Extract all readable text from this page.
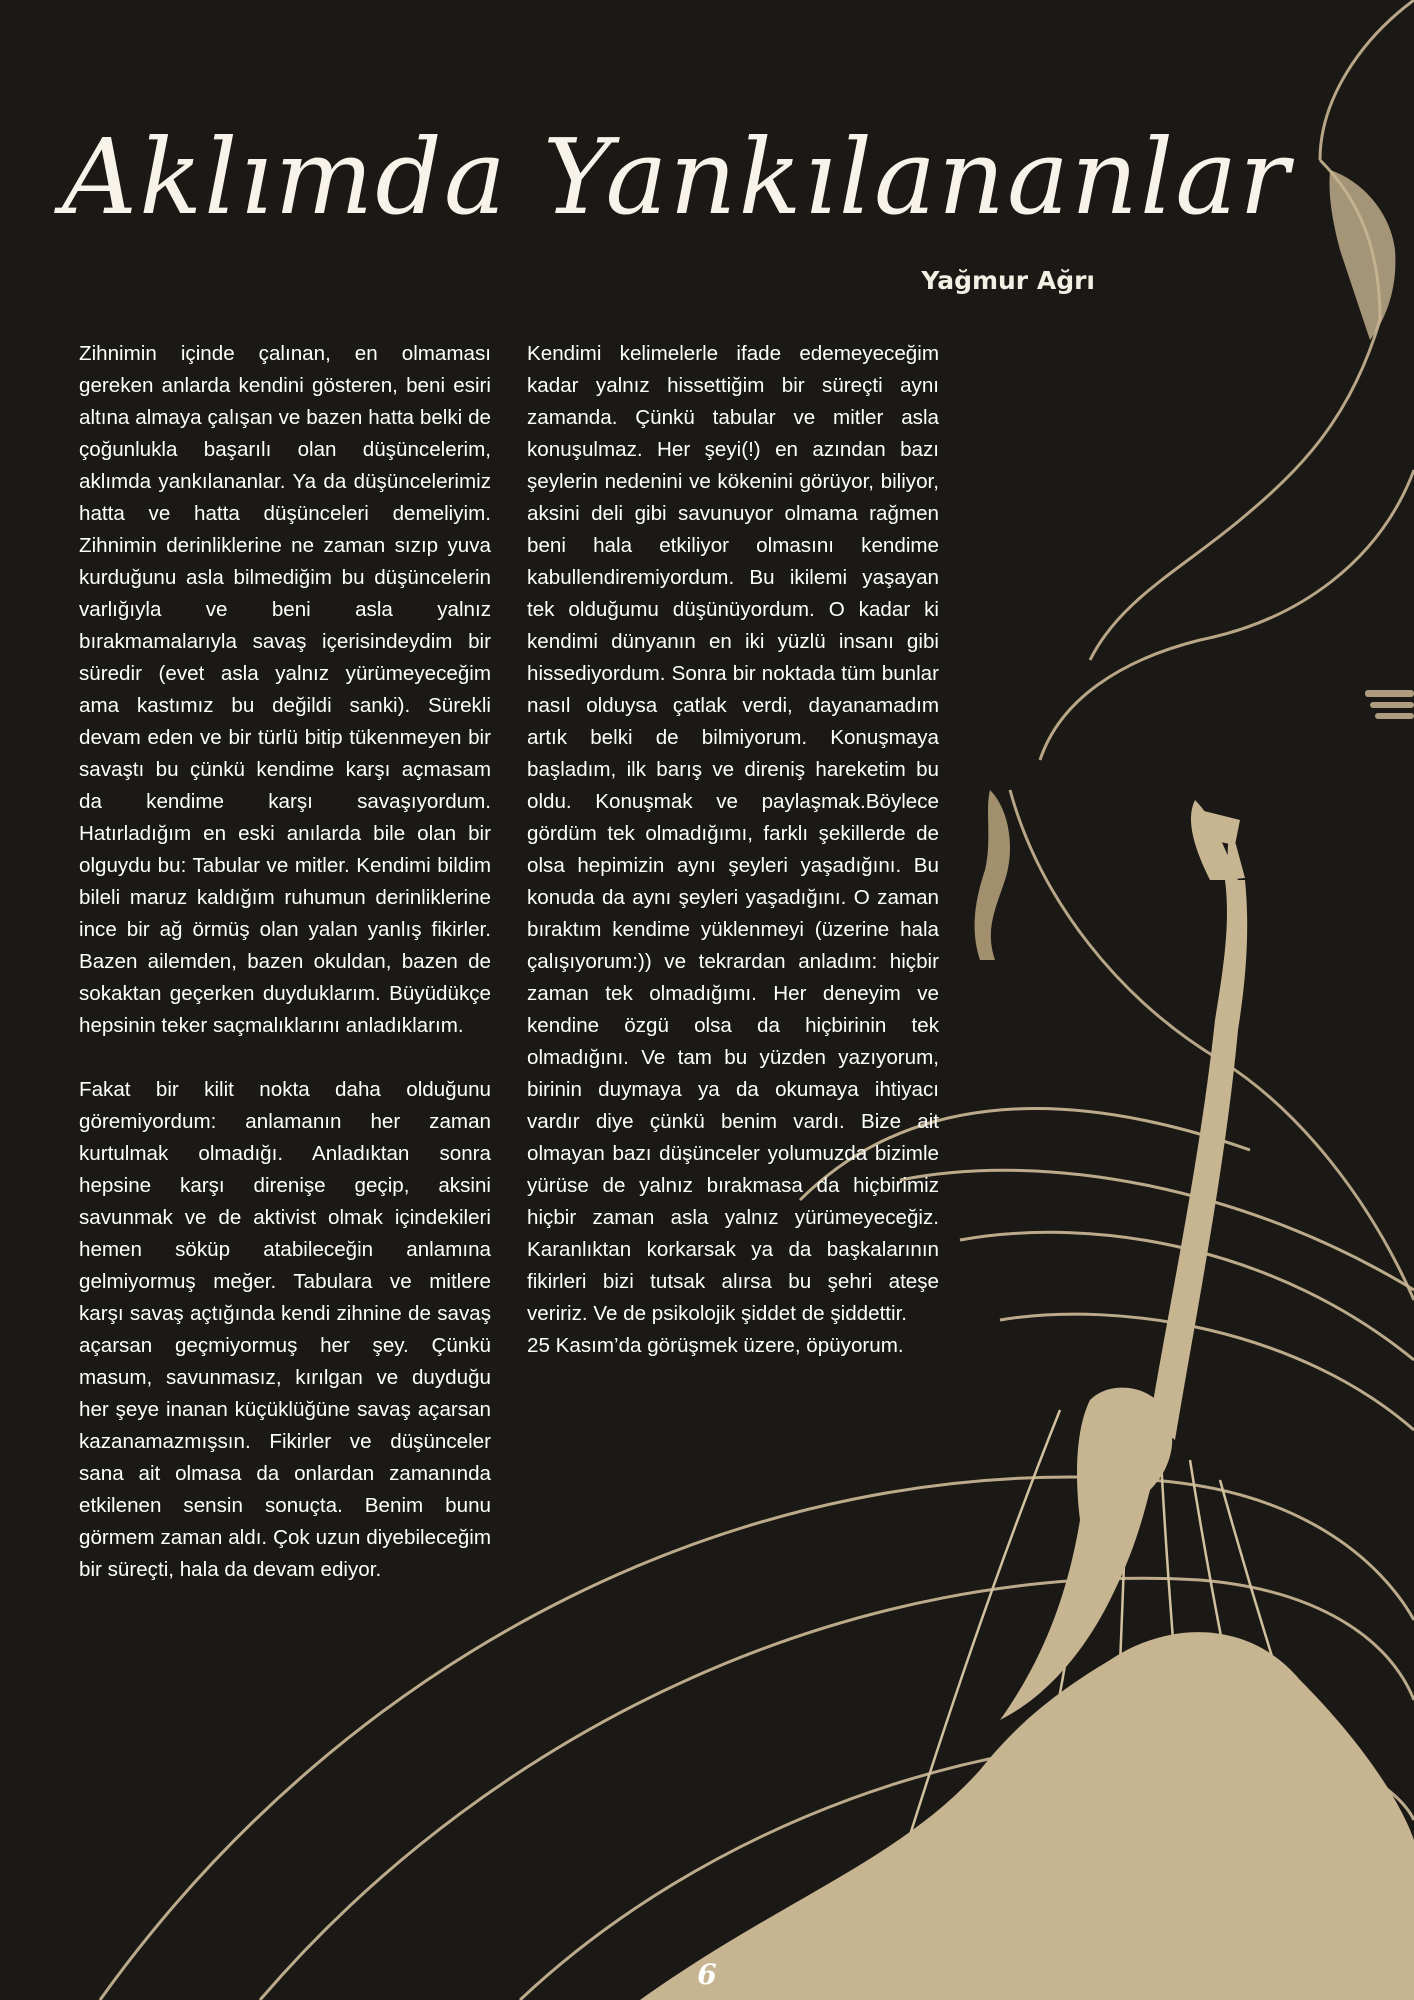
Aklımda Yankılananlar

Yağmur Ağrı

Zihnimin içinde çalınan, en olmaması gereken anlarda kendini gösteren, beni esiri altına almaya çalışan ve bazen hatta belki de çoğunlukla başarılı olan düşüncelerim, aklımda yankılananlar. Ya da düşüncelerimiz hatta ve hatta düşünceleri demeliyim. Zihnimin derinliklerine ne zaman sızıp yuva kurduğunu asla bilmediğim bu düşüncelerin varlığıyla ve beni asla yalnız bırakmamalarıyla savaş içerisindeydim bir süredir (evet asla yalnız yürümeyeceğim ama kastımız bu değildi sanki). Sürekli devam eden ve bir türlü bitip tükenmeyen bir savaştı bu çünkü kendime karşı açmasam da kendime karşı savaşıyordum. Hatırladığım en eski anılarda bile olan bir olguydu bu: Tabular ve mitler. Kendimi bildim bileli maruz kaldığım ruhumun derinliklerine ince bir ağ örmüş olan yalan yanlış fikirler. Bazen ailemden, bazen okuldan, bazen de sokaktan geçerken duyduklarım. Büyüdükçe hepsinin teker saçmalıklarını anladıklarım.

Fakat bir kilit nokta daha olduğunu göremiyordum: anlamanın her zaman kurtulmak olmadığı. Anladıktan sonra hepsine karşı direnişe geçip, aksini savunmak ve de aktivist olmak içindekileri hemen söküp atabileceğin anlamına gelmiyormuş meğer. Tabulara ve mitlere karşı savaş açtığında kendi zihnine de savaş açarsan geçmiyormuş her şey. Çünkü masum, savunmasız, kırılgan ve duyduğu her şeye inanan küçüklüğüne savaş açarsan kazanamazmışsın. Fikirler ve düşünceler sana ait olmasa da onlardan zamanında etkilenen sensin sonuçta. Benim bunu görmem zaman aldı. Çok uzun diyebileceğim bir süreçti, hala da devam ediyor.

Kendimi kelimelerle ifade edemeyeceğim kadar yalnız hissettiğim bir süreçti aynı zamanda. Çünkü tabular ve mitler asla konuşulmaz. Her şeyi(!) en azından bazı şeylerin nedenini ve kökenini görüyor, biliyor, aksini deli gibi savunuyor olmama rağmen beni hala etkiliyor olmasını kendime kabullendiremiyordum. Bu ikilemi yaşayan tek olduğumu düşünüyordum. O kadar ki kendimi dünyanın en iki yüzlü insanı gibi hissediyordum. Sonra bir noktada tüm bunlar nasıl olduysa çatlak verdi, dayanamadım artık belki de bilmiyorum. Konuşmaya başladım, ilk barış ve direniş hareketim bu oldu. Konuşmak ve paylaşmak.Böylece gördüm tek olmadığımı, farklı şekillerde de olsa hepimizin aynı şeyleri yaşadığını. Bu konuda da aynı şeyleri yaşadığını. O zaman bıraktım kendime yüklenmeyi (üzerine hala çalışıyorum:)) ve tekrardan anladım: hiçbir zaman tek olmadığımı. Her deneyim ve kendine özgü olsa da hiçbirinin tek olmadığını. Ve tam bu yüzden yazıyorum, birinin duymaya ya da okumaya ihtiyacı vardır diye çünkü benim vardı. Bize ait olmayan bazı düşünceler yolumuzda bizimle yürüse de yalnız bırakmasa da hiçbirimiz hiçbir zaman asla yalnız yürümeyeceğiz. Karanlıktan korkarsak ya da başkalarının fikirleri bizi tutsak alırsa bu şehri ateşe veririz. Ve de psikolojik şiddet de şiddettir.

25 Kasım’da görüşmek üzere, öpüyorum.

6
